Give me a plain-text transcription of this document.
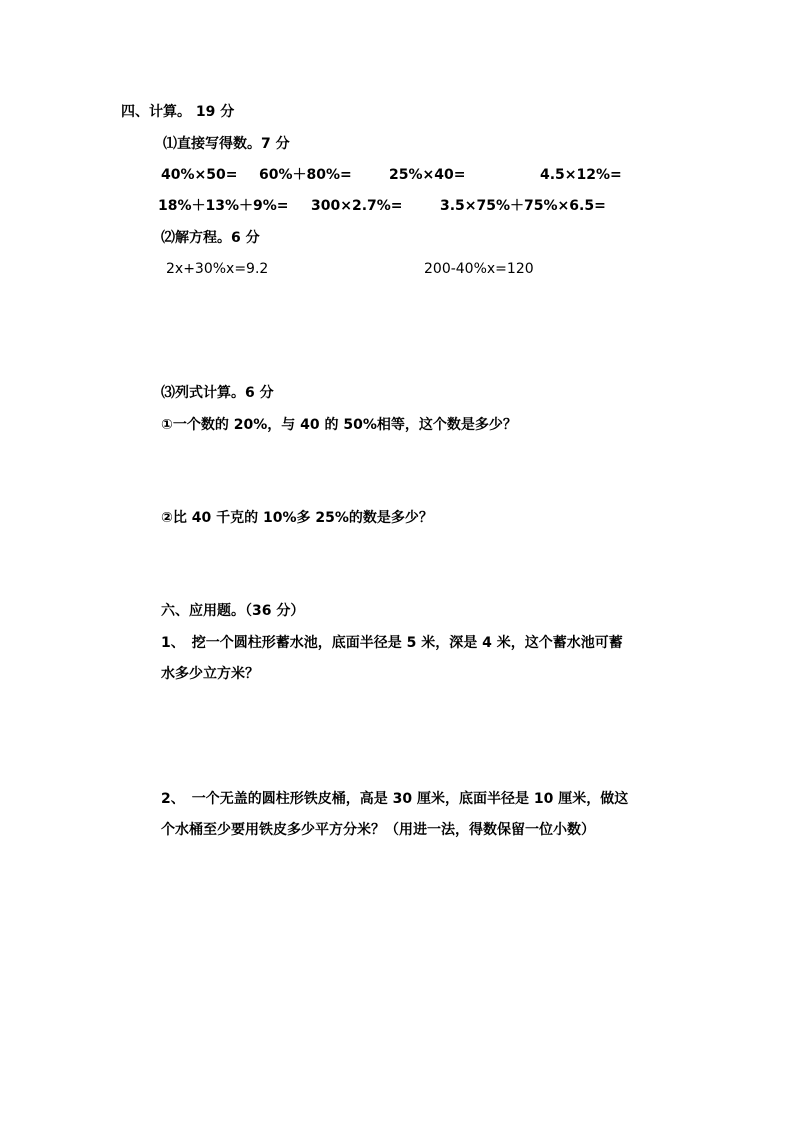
四、计算。 19 分
⑴直接写得数。7 分
40%×50= 60%＋80%=	25%×40=	4.5×12%=
18%＋13%＋9%= 300×2.7%=	3.5×75%＋75%×6.5=
⑵解方程。6 分
2x+30%x=9.2	200-40%x=120
⑶列式计算。6 分
①一个数的 20%，与 40 的 50%相等，这个数是多少？
②比 40 千克的 10%多 25%的数是多少？
六、应用题。（36 分）
1、　挖一个圆柱形蓄水池，底面半径是 5 米，深是 4 米，这个蓄水池可蓄
水多少立方米？
2、　一个无盖的圆柱形铁皮桶，高是 30 厘米，底面半径是 10 厘米，做这
个水桶至少要用铁皮多少平方分米？（用进一法，得数保留一位小数）
